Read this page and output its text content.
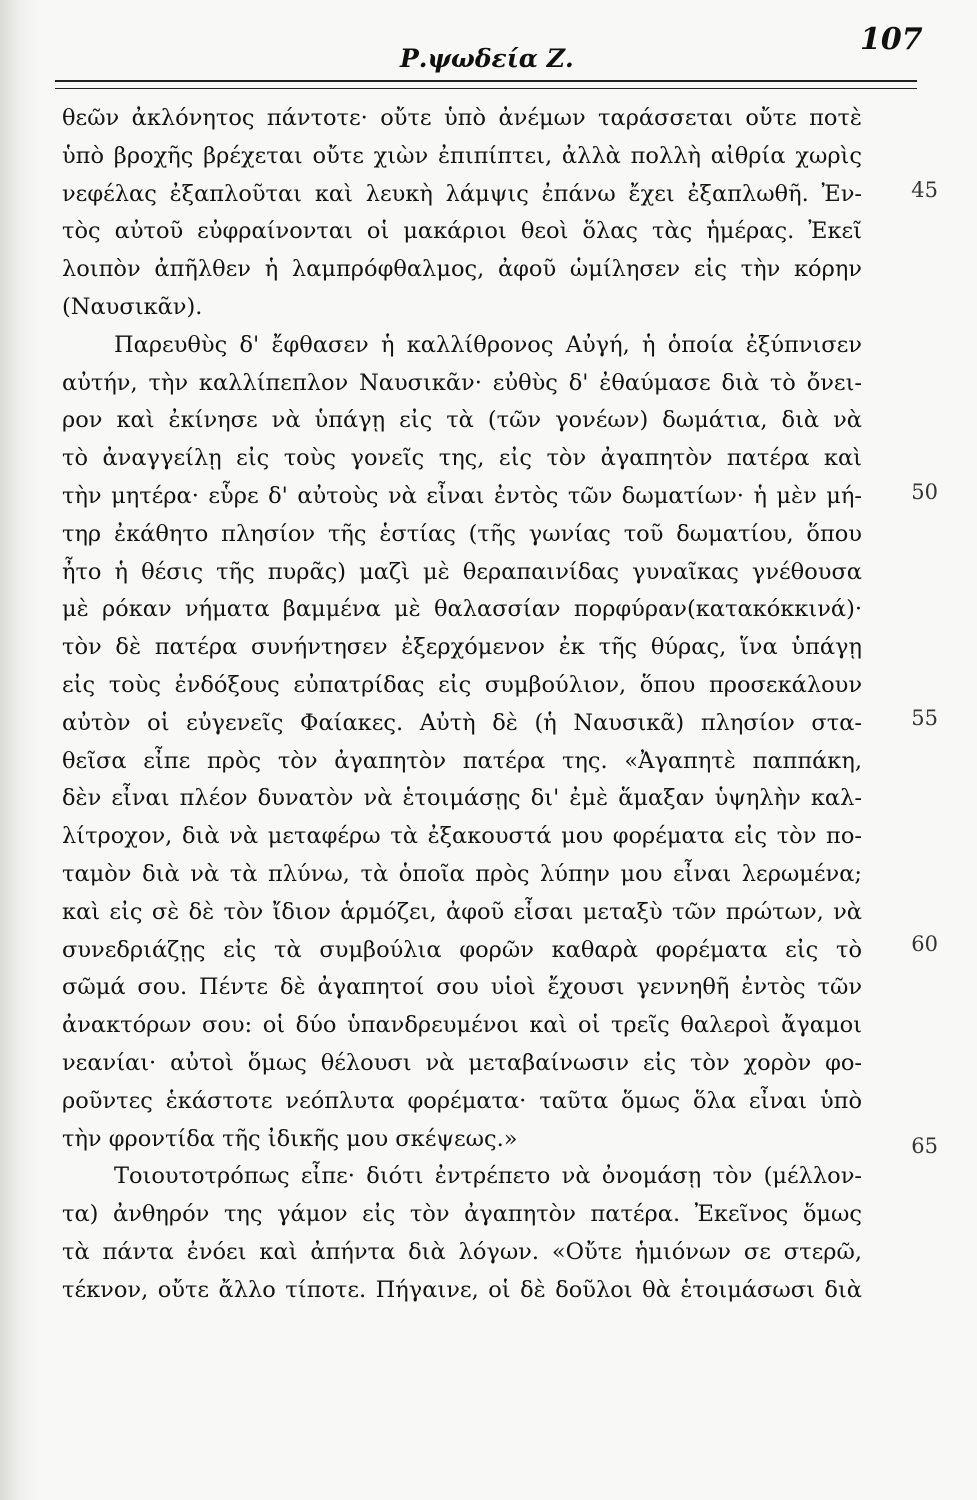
Ρ.ψωδεία Ζ.
107
θεῶν ἀκλόνητος πάντοτε· οὔτε ὑπὸ ἀνέμων ταράσσεται οὔτε ποτὲ
ὑπὸ βροχῆς βρέχεται οὔτε χιὼν ἐπιπίπτει, ἀλλὰ πολλὴ αἰθρία χωρὶς
νεφέλας ἐξαπλοῦται καὶ λευκὴ λάμψις ἐπάνω ἔχει ἐξαπλωθῆ. Ἐν-
τὸς αὐτοῦ εὐφραίνονται οἱ μακάριοι θεοὶ ὅλας τὰς ἡμέρας. Ἐκεῖ
λοιπὸν ἀπῆλθεν ἡ λαμπρόφθαλμος, ἀφοῦ ὡμίλησεν εἰς τὴν κόρην
(Ναυσικᾶν).
Παρευθὺς δ' ἔφθασεν ἡ καλλίθρονος Αὐγή, ἡ ὁποία ἐξύπνισεν
αὐτήν, τὴν καλλίπεπλον Ναυσικᾶν· εὐθὺς δ' ἐθαύμασε διὰ τὸ ὄνει-
ρον καὶ ἐκίνησε νὰ ὑπάγῃ εἰς τὰ (τῶν γονέων) δωμάτια, διὰ νὰ
τὸ ἀναγγείλῃ εἰς τοὺς γονεῖς της, εἰς τὸν ἀγαπητὸν πατέρα καὶ
τὴν μητέρα· εὗρε δ' αὐτοὺς νὰ εἶναι ἐντὸς τῶν δωματίων· ἡ μὲν μή-
τηρ ἐκάθητο πλησίον τῆς ἑστίας (τῆς γωνίας τοῦ δωματίου, ὅπου
ἦτο ἡ θέσις τῆς πυρᾶς) μαζὶ μὲ θεραπαινίδας γυναῖκας γνέθουσα
μὲ ρόκαν νήματα βαμμένα μὲ θαλασσίαν πορφύραν(κατακόκκινά)·
τὸν δὲ πατέρα συνήντησεν ἐξερχόμενον ἐκ τῆς θύρας, ἵνα ὑπάγῃ
εἰς τοὺς ἐνδόξους εὐπατρίδας εἰς συμβούλιον, ὅπου προσεκάλουν
αὐτὸν οἱ εὐγενεῖς Φαίακες. Αὐτὴ δὲ (ἡ Ναυσικᾶ) πλησίον στα-
θεῖσα εἶπε πρὸς τὸν ἀγαπητὸν πατέρα της. «Ἀγαπητὲ παππάκη,
δὲν εἶναι πλέον δυνατὸν νὰ ἑτοιμάσῃς δι' ἐμὲ ἅμαξαν ὑψηλὴν καλ-
λίτροχον, διὰ νὰ μεταφέρω τὰ ἐξακουστά μου φορέματα εἰς τὸν πο-
ταμὸν διὰ νὰ τὰ πλύνω, τὰ ὁποῖα πρὸς λύπην μου εἶναι λερωμένα;
καὶ εἰς σὲ δὲ τὸν ἴδιον ἁρμόζει, ἀφοῦ εἶσαι μεταξὺ τῶν πρώτων, νὰ
συνεδριάζῃς εἰς τὰ συμβούλια φορῶν καθαρὰ φορέματα εἰς τὸ
σῶμά σου. Πέντε δὲ ἀγαπητοί σου υἱοὶ ἔχουσι γεννηθῆ ἐντὸς τῶν
ἀνακτόρων σου: οἱ δύο ὑπανδρευμένοι καὶ οἱ τρεῖς θαλεροὶ ἄγαμοι
νεανίαι· αὐτοὶ ὅμως θέλουσι νὰ μεταβαίνωσιν εἰς τὸν χορὸν φο-
ροῦντες ἑκάστοτε νεόπλυτα φορέματα· ταῦτα ὅμως ὅλα εἶναι ὑπὸ
τὴν φροντίδα τῆς ἰδικῆς μου σκέψεως.»
Τοιουτοτρόπως εἶπε· διότι ἐντρέπετο νὰ ὀνομάσῃ τὸν (μέλλον-
τα) ἀνθηρόν της γάμον εἰς τὸν ἀγαπητὸν πατέρα. Ἐκεῖνος ὅμως
τὰ πάντα ἐνόει καὶ ἀπήντα διὰ λόγων. «Οὔτε ἡμιόνων σε στερῶ,
τέκνον, οὔτε ἄλλο τίποτε. Πήγαινε, οἱ δὲ δοῦλοι θὰ ἑτοιμάσωσι διὰ
45
50
55
60
65
